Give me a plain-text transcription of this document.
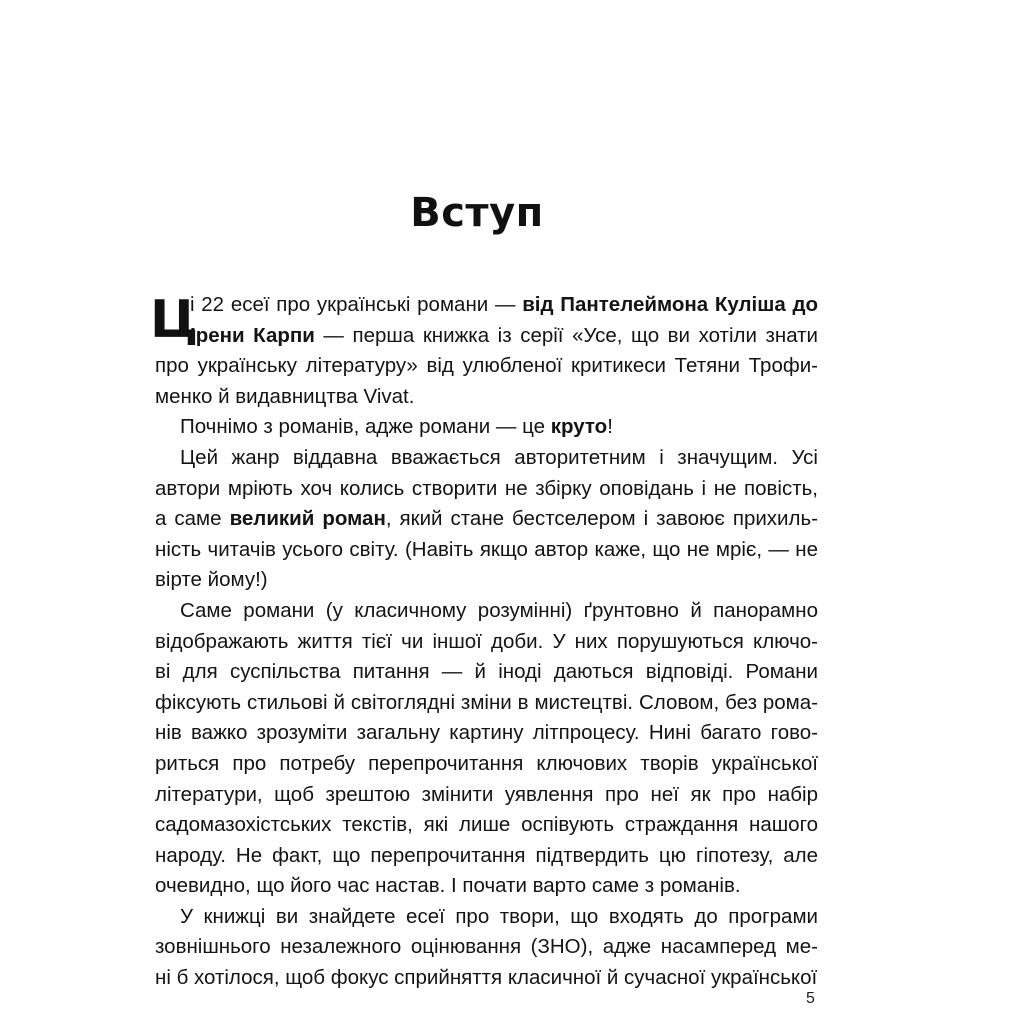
Вступ
Ц
і 22 есеї про українські романи — від Пантелеймона Куліша до
Ірени Карпи — перша книжка із серії «Усе, що ви хотіли знати
про українську літературу» від улюбленої критикеси Тетяни Трофи-
менко й видавництва Vivat.
Почнімо з романів, адже романи — це круто!
Цей жанр віддавна вважається авторитетним і значущим. Усі
автори мріють хоч колись створити не збірку оповідань і не повість,
а саме великий роман, який стане бестселером і завоює прихиль-
ність читачів усього світу. (Навіть якщо автор каже, що не мріє, — не
вірте йому!)
Саме романи (у класичному розумінні) ґрунтовно й панорамно
відображають життя тієї чи іншої доби. У них порушуються ключо-
ві для суспільства питання — й іноді даються відповіді. Романи
фіксують стильові й світоглядні зміни в мистецтві. Словом, без рома-
нів важко зрозуміти загальну картину літпроцесу. Нині багато гово-
риться про потребу перепрочитання ключових творів української
літератури, щоб зрештою змінити уявлення про неї як про набір
садомазохістських текстів, які лише оспівують страждання нашого
народу. Не факт, що перепрочитання підтвердить цю гіпотезу, але
очевидно, що його час настав. І почати варто саме з романів.
У книжці ви знайдете есеї про твори, що входять до програми
зовнішнього незалежного оцінювання (ЗНО), адже насамперед ме-
ні б хотілося, щоб фокус сприйняття класичної й сучасної української
5
